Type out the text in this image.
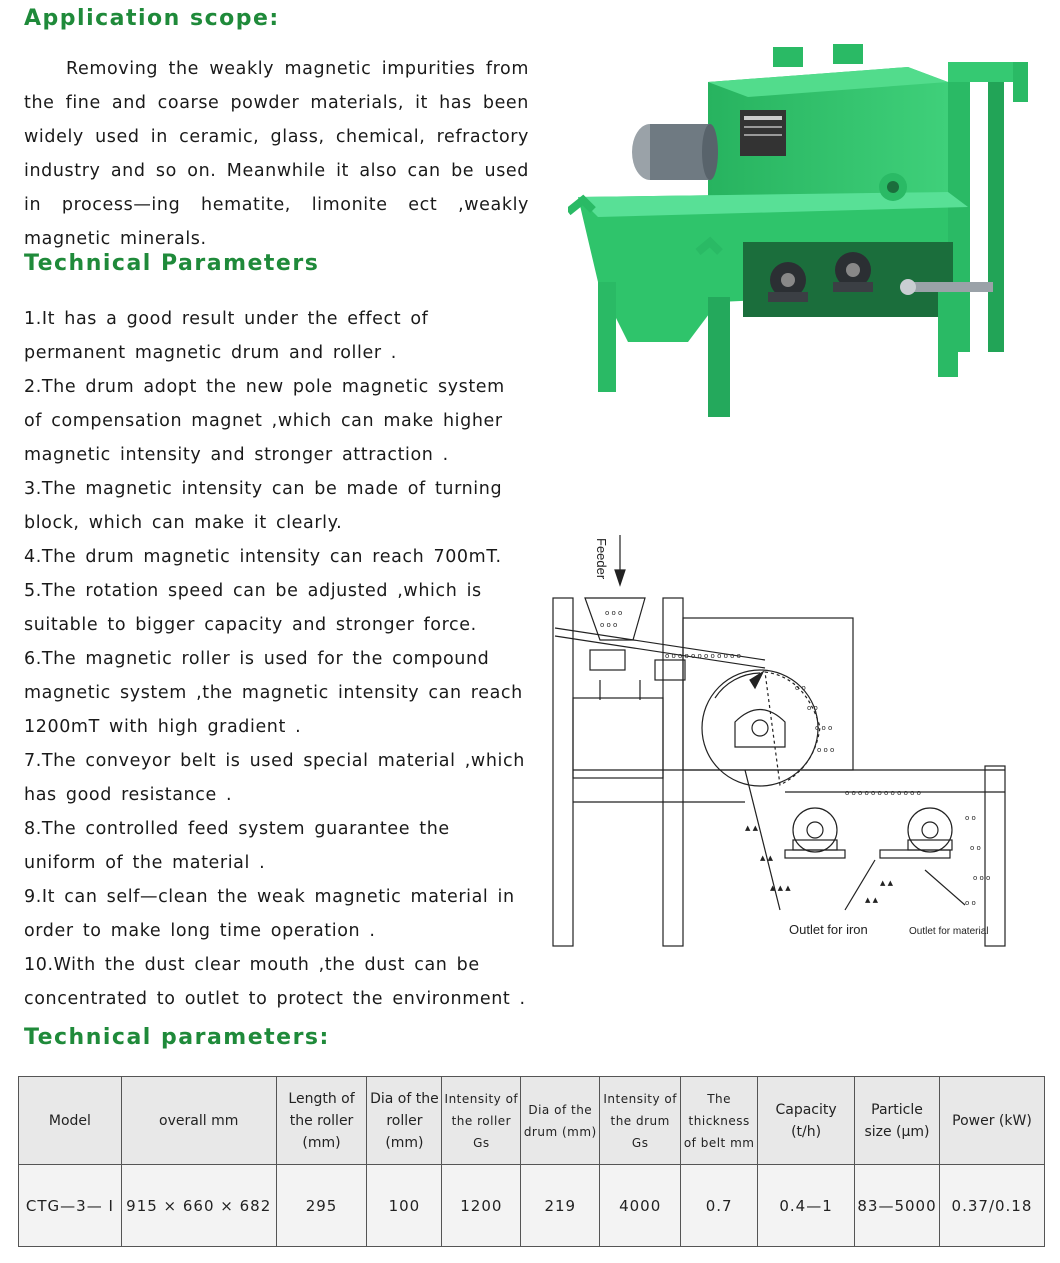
Application scope:

Removing the weakly magnetic impurities from the fine and coarse powder materials, it has been widely used in ceramic, glass, chemical, refractory industry and so on. Meanwhile it also can be used in process—ing hematite, limonite ect ,weakly magnetic minerals.

Technical Parameters
1.It has a good result under the effect of permanent magnetic drum and roller .
2.The drum adopt the new pole magnetic system of compensation magnet ,which can make higher magnetic intensity and stronger attraction .
3.The magnetic intensity can be made of turning block, which can make it clearly.
4.The drum magnetic intensity can reach 700mT.
5.The rotation speed can be adjusted ,which is suitable to bigger capacity and stronger force.
6.The magnetic roller is used for the compound magnetic system ,the magnetic intensity can reach 1200mT with high gradient .
7.The conveyor belt is used special material ,which has good resistance .
8.The controlled feed system guarantee the uniform of the material .
9.It can self—clean the weak magnetic material in order to make long time operation .
10.With the dust clear mouth ,the dust can be concentrated to outlet to protect the environment .
o o o
o o o
o o o o o o o o o o o o
o o
o o
o o o
o o o
o o o o o o o o o o o o
o o
o o
o o o
o o
▲ ▲
▲ ▲
▲ ▲ ▲
▲ ▲
▲ ▲
Feeder
Outlet for iron	Outlet for material
Technical parameters:
Model	overall mm	Length of the roller (mm)	Dia of the roller (mm)	Intensity of the roller Gs	Dia of the drum (mm)	Intensity of the drum Gs	The thickness of belt mm	Capacity (t/h)	Particle size (μm)	Power (kW)
CTG—3— Ⅰ	915 × 660 × 682	295	100	1200	219	4000	0.7	0.4—1	83—5000	0.37/0.18
